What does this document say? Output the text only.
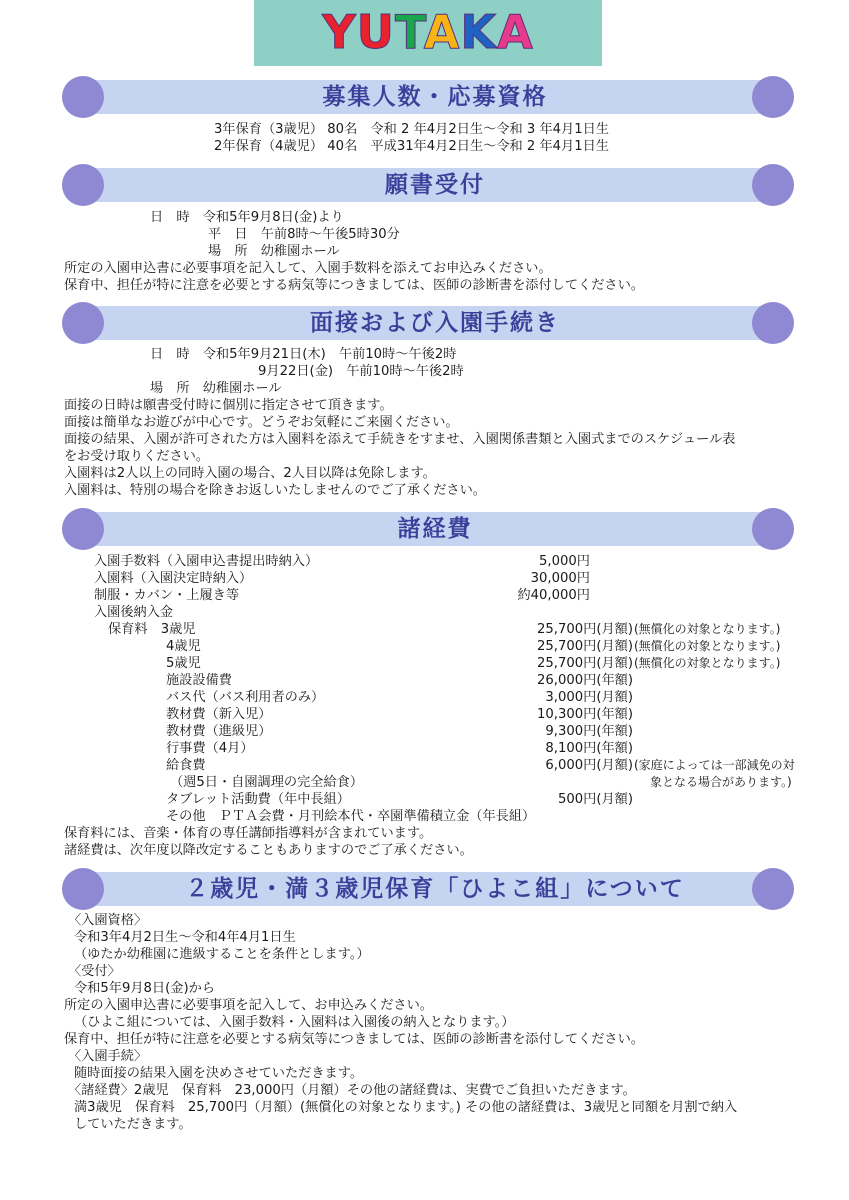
YUTAKA
募集人数・応募資格
3年保育（3歳児） 80名　令和 2 年4月2日生〜令和 3 年4月1日生
2年保育（4歳児） 40名　平成31年4月2日生〜令和 2 年4月1日生
願書受付
日　時　令和5年9月8日(金)より
平　日　午前8時〜午後5時30分
場　所　幼稚園ホール
所定の入園申込書に必要事項を記入して、入園手数料を添えてお申込みください。
保育中、担任が特に注意を必要とする病気等につきましては、医師の診断書を添付してください。
面接および入園手続き
日　時　令和5年9月21日(木)　午前10時〜午後2時
9月22日(金)　午前10時〜午後2時
場　所　幼稚園ホール
面接の日時は願書受付時に個別に指定させて頂きます。
面接は簡単なお遊びが中心です。どうぞお気軽にご来園ください。
面接の結果、入園が許可された方は入園料を添えて手続きをすませ、入園関係書類と入園式までのスケジュール表
をお受け取りください。
入園料は2人以上の同時入園の場合、2人目以降は免除します。
入園料は、特別の場合を除きお返しいたしませんのでご了承ください。
諸経費
入園手数料（入園申込書提出時納入）	5,000円
入園料（入園決定時納入）	30,000円
制服・カバン・上履き等	約40,000円
入園後納入金
保育料　3歳児	25,700円(月額) (無償化の対象となります。)
4歳児	25,700円(月額) (無償化の対象となります。)
5歳児	25,700円(月額) (無償化の対象となります。)
施設設備費	26,000円(年額)
バス代（バス利用者のみ）	3,000円(月額)
教材費（新入児）	10,300円(年額)
教材費（進級児）	9,300円(年額)
行事費（4月）	8,100円(年額)
給食費	6,000円(月額) (家庭によっては一部減免の対
（週5日・自園調理の完全給食）	象となる場合があります。)
タブレット活動費（年中長組）	500円(月額)
その他　ＰＴＡ会費・月刊絵本代・卒園準備積立金（年長組）
保育料には、音楽・体育の専任講師指導料が含まれています。
諸経費は、次年度以降改定することもありますのでご了承ください。
２歳児・満３歳児保育「ひよこ組」について
〈入園資格〉
令和3年4月2日生〜令和4年4月1日生
（ゆたか幼稚園に進級することを条件とします。）
〈受付〉
令和5年9月8日(金)から
所定の入園申込書に必要事項を記入して、お申込みください。
（ひよこ組については、入園手数料・入園料は入園後の納入となります。）
保育中、担任が特に注意を必要とする病気等につきましては、医師の診断書を添付してください。
〈入園手続〉
随時面接の結果入園を決めさせていただきます。
〈諸経費〉2歳児　保育料　23,000円（月額）その他の諸経費は、実費でご負担いただきます。
満3歳児　保育料　25,700円（月額）(無償化の対象となります。) その他の諸経費は、3歳児と同額を月割で納入
していただきます。
